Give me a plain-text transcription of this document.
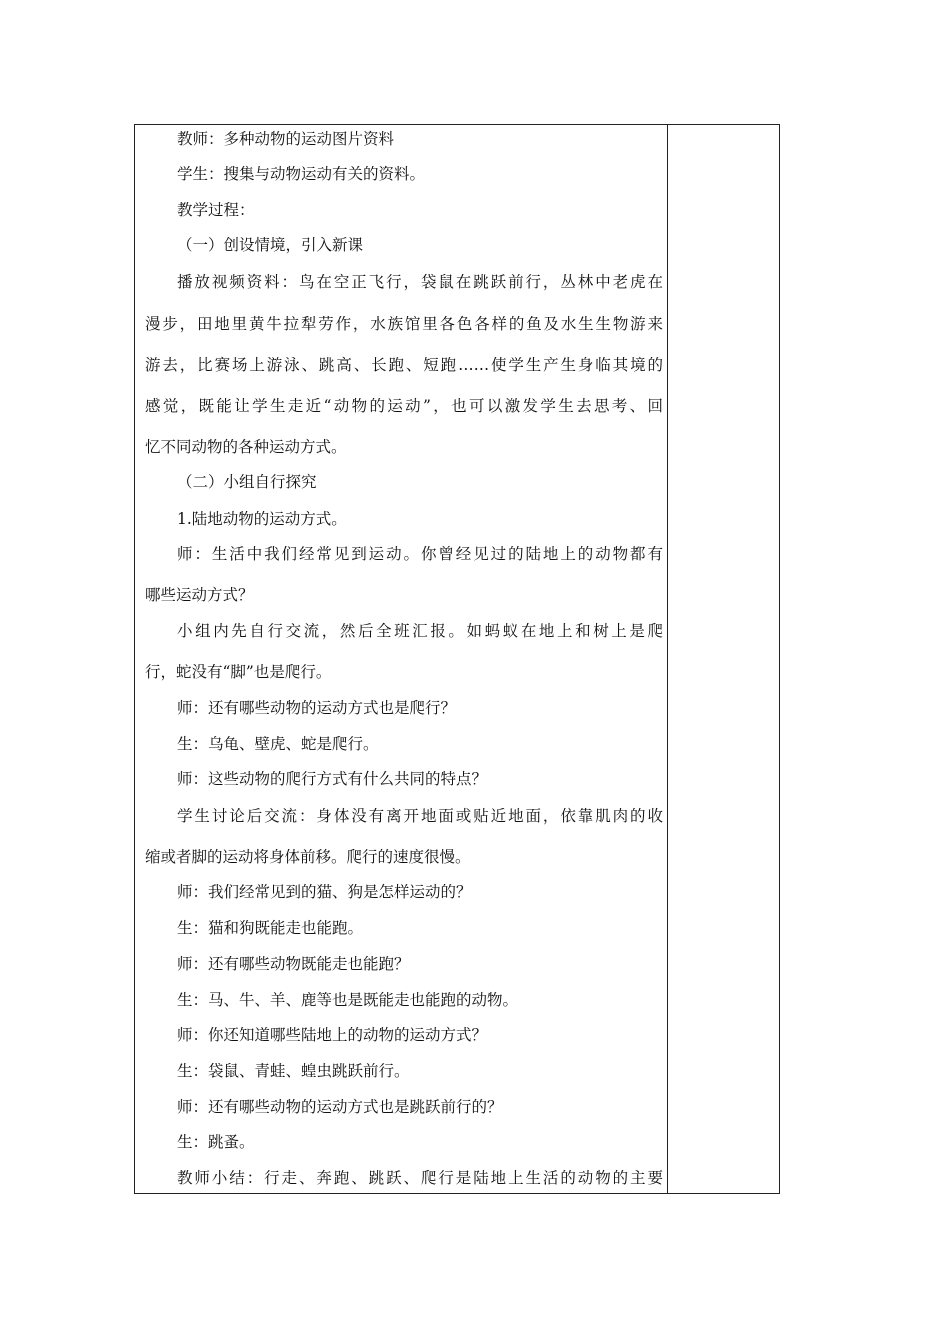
教师：多种动物的运动图片资料
学生：搜集与动物运动有关的资料。
教学过程：
（一）创设情境，引入新课
播放视频资料：鸟在空正飞行，袋鼠在跳跃前行，丛林中老虎在
漫步，田地里黄牛拉犁劳作，水族馆里各色各样的鱼及水生生物游来
游去，比赛场上游泳、跳高、长跑、短跑……使学生产生身临其境的
感觉，既能让学生走近“动物的运动”，也可以激发学生去思考、回
忆不同动物的各种运动方式。
（二）小组自行探究
1.陆地动物的运动方式。
师：生活中我们经常见到运动。你曾经见过的陆地上的动物都有
哪些运动方式？
小组内先自行交流，然后全班汇报。如蚂蚁在地上和树上是爬
行，蛇没有“脚”也是爬行。
师：还有哪些动物的运动方式也是爬行？
生：乌龟、壁虎、蛇是爬行。
师：这些动物的爬行方式有什么共同的特点？
学生讨论后交流：身体没有离开地面或贴近地面，依靠肌肉的收
缩或者脚的运动将身体前移。爬行的速度很慢。
师：我们经常见到的猫、狗是怎样运动的？
生：猫和狗既能走也能跑。
师：还有哪些动物既能走也能跑？
生：马、牛、羊、鹿等也是既能走也能跑的动物。
师：你还知道哪些陆地上的动物的运动方式？
生：袋鼠、青蛙、蝗虫跳跃前行。
师：还有哪些动物的运动方式也是跳跃前行的？
生：跳蚤。
教师小结：行走、奔跑、跳跃、爬行是陆地上生活的动物的主要
